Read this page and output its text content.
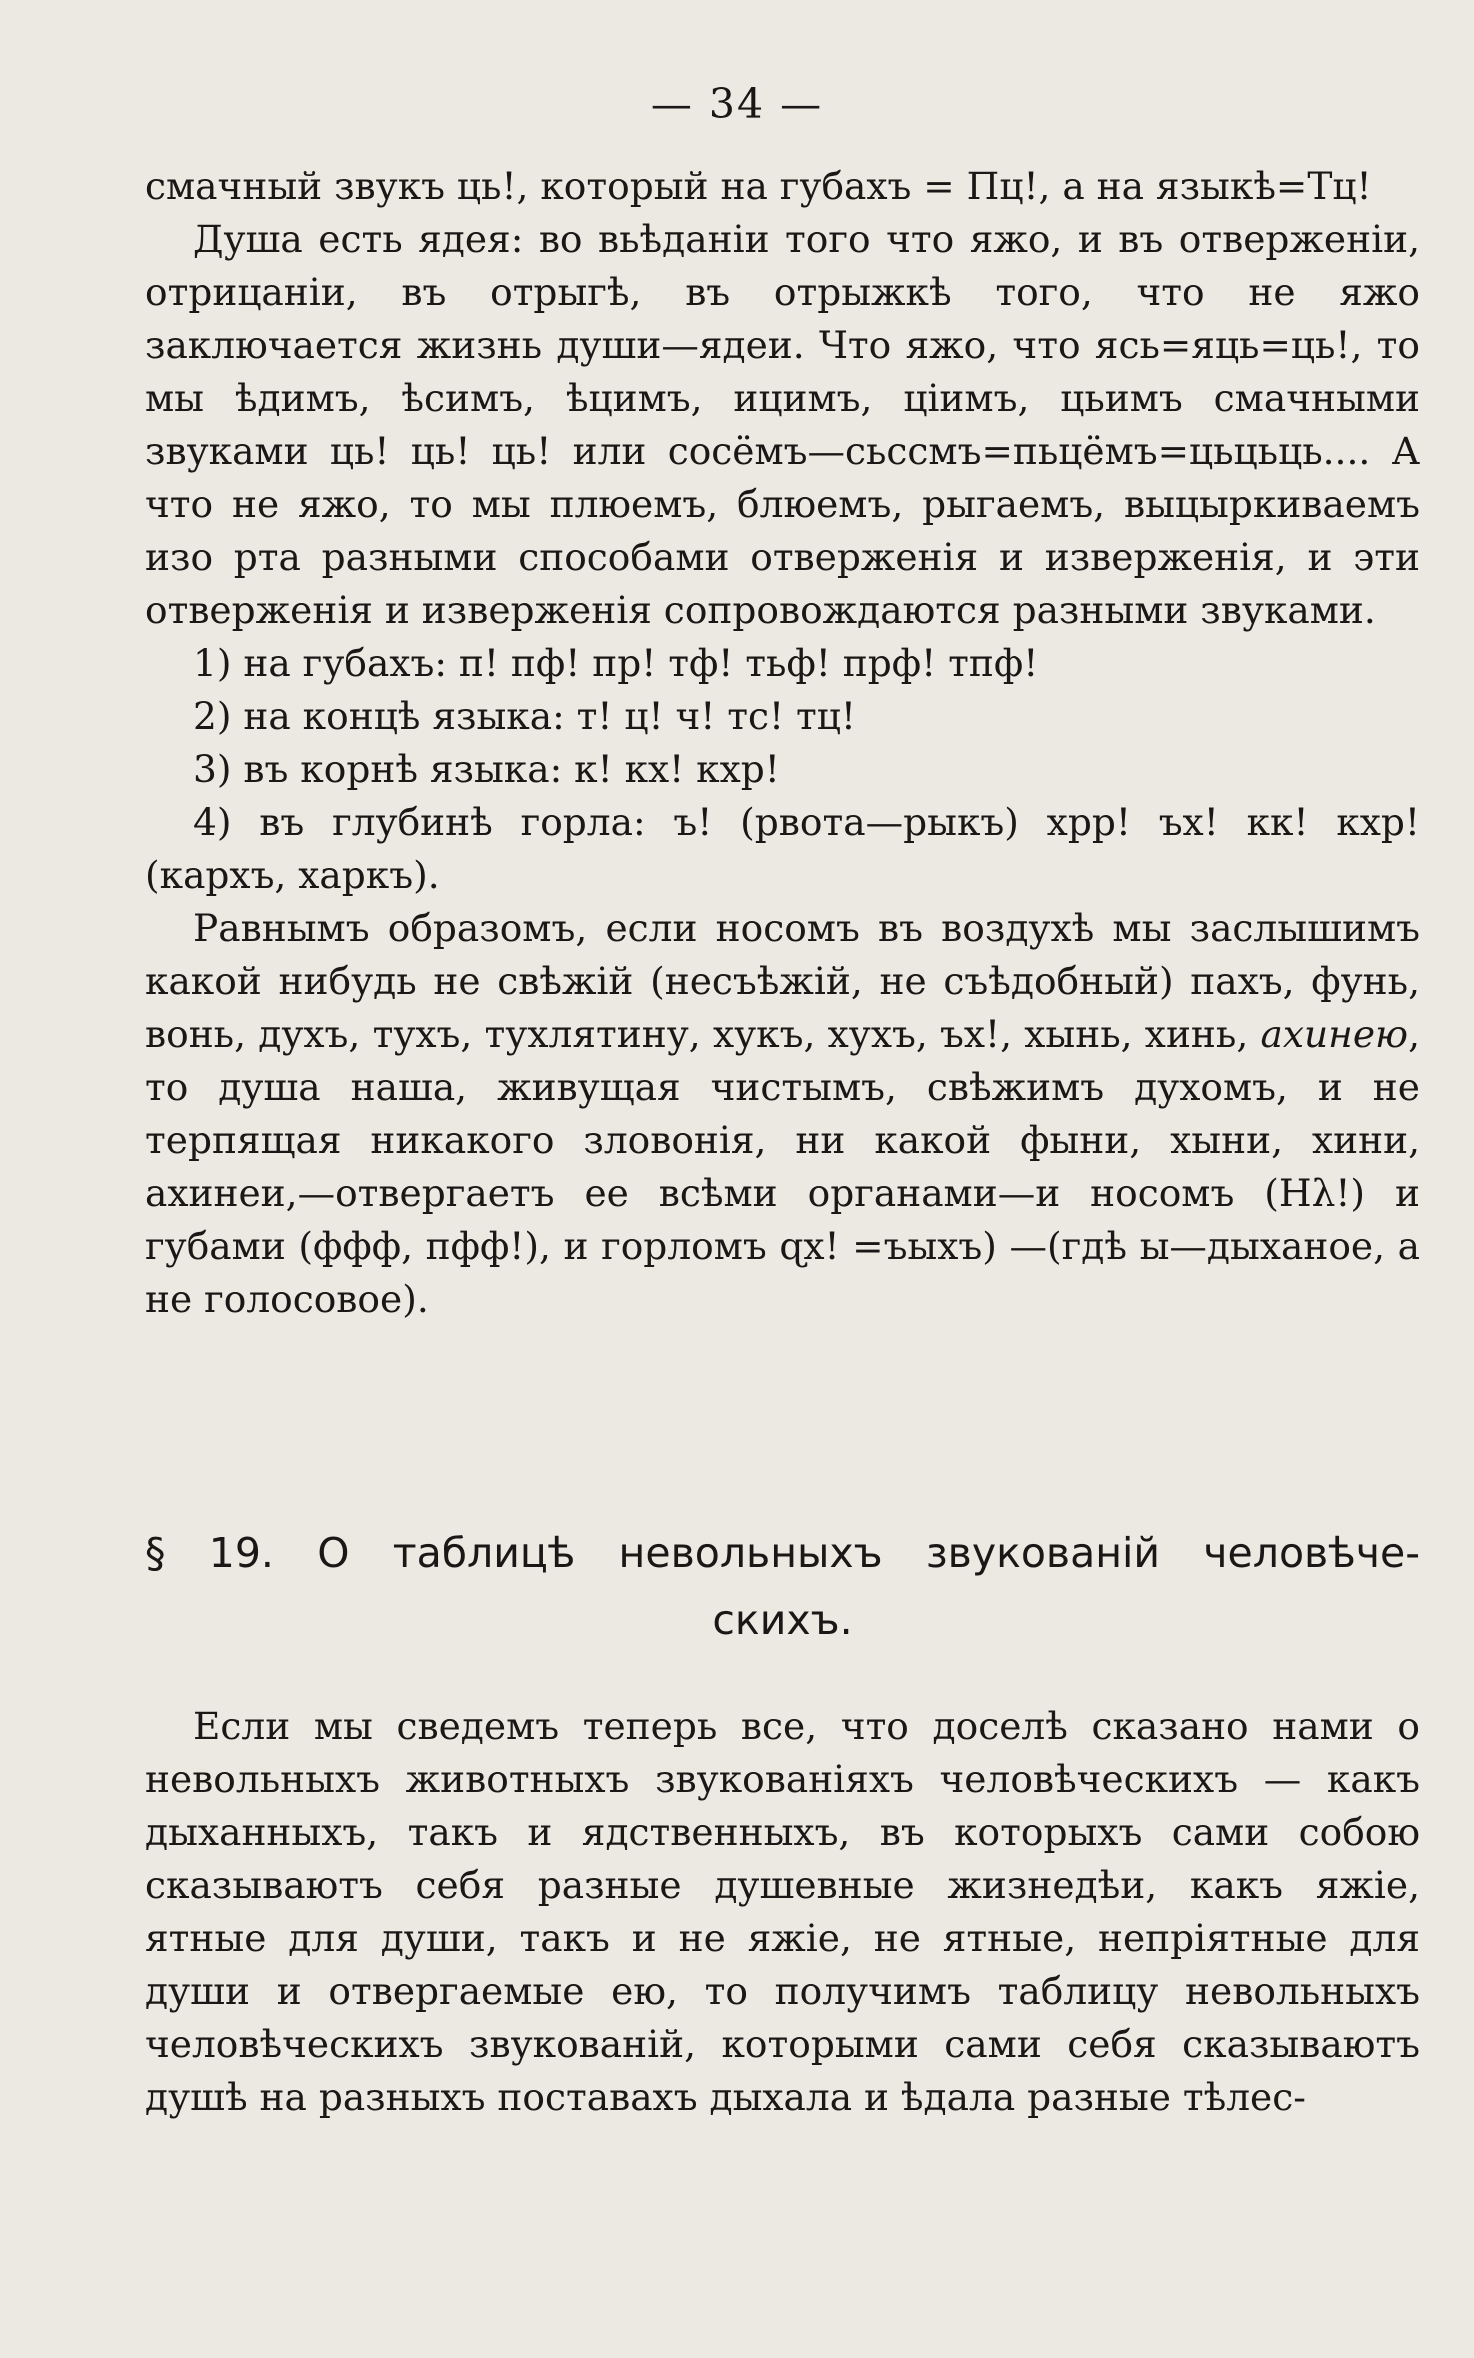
— 34 —

смачный звукъ ць!, который на губахъ = Пц!, а на языкѣ=Тц!

Душа есть ядея: во вьѣданіи того что яжо, и въ отверженіи, отрицаніи, въ отрыгѣ, въ отрыжкѣ того, что не яжо заключается жизнь души—ядеи. Что яжо, что ясь=яць=ць!, то мы ѣдимъ, ѣсимъ, ѣцимъ, ицимъ, ціимъ, цьимъ смачными звуками ць! ць! ць! или сосёмъ—сьссмъ=пьцёмъ=цьцьць.... А что не яжо, то мы плюемъ, блюемъ, рыгаемъ, выцыркиваемъ изо рта разными способами отверженія и изверженія, и эти отверженія и изверженія сопровождаются разными звуками.

1) на губахъ: п! пф! пр! тф! тьф! прф! тпф!

2) на концѣ языка: т! ц! ч! тс! тц!

3) въ корнѣ языка: к! кх! кхр!

4) въ глубинѣ горла: ъ! (рвота—рыкъ) хрр! ъх! кк! кхр! (кархъ, харкъ).

Равнымъ образомъ, если носомъ въ воздухѣ мы заслышимъ какой нибудь не свѣжій (несъѣжій, не съѣдобный) пахъ, фунь, вонь, духъ, тухъ, тухлятину, хукъ, хухъ, ъх!, хынь, хинь, ахинею, то душа наша, живущая чистымъ, свѣжимъ духомъ, и не терпящая никакого зловонія, ни какой фыни, хыни, хини, ахинеи,—отвергаетъ ее всѣми органами—и носомъ (Нλ!) и губами (ффф, пфф!), и горломъ ɋх! =ъыхъ) —(гдѣ ы—дыханое, а не голосовое).

§ 19. О таблицѣ невольныхъ звукованій человѣче-
скихъ.

Если мы сведемъ теперь все, что доселѣ сказано нами о невольныхъ животныхъ звукованіяхъ человѣческихъ — какъ дыханныхъ, такъ и ядственныхъ, въ которыхъ сами собою сказываютъ себя разные душевные жизнедѣи, какъ яжіе, ятные для души, такъ и не яжіе, не ятные, непріятные для души и отвергаемые ею, то получимъ таблицу невольныхъ человѣческихъ звукованій, которыми сами себя сказываютъ душѣ на разныхъ поставахъ дыхала и ѣдала разные тѣлес-
